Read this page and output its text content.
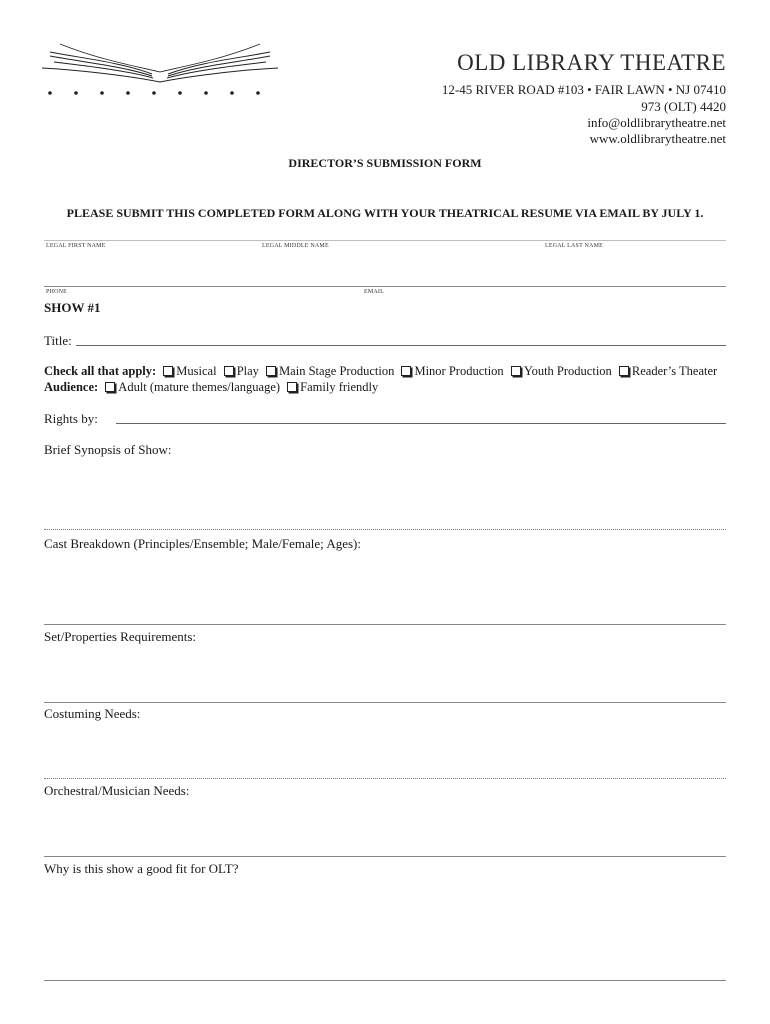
OLD LIBRARY THEATRE
12-45 RIVER ROAD #103 • FAIR LAWN • NJ 07410
973 (OLT) 4420
info@oldlibrarytheatre.net
www.oldlibrarytheatre.net
DIRECTOR’S SUBMISSION FORM
PLEASE SUBMIT THIS COMPLETED FORM ALONG WITH YOUR THEATRICAL RESUME VIA EMAIL BY JULY 1.
LEGAL FIRST NAME	LEGAL MIDDLE NAME	LEGAL LAST NAME
PHONE	EMAIL
SHOW #1
Title:
Check all that apply: Musical Play Main Stage Production Minor Production Youth Production Reader’s Theater
Audience: Adult (mature themes/language) Family friendly
Rights by:
Brief Synopsis of Show:
Cast Breakdown (Principles/Ensemble; Male/Female; Ages):
Set/Properties Requirements:
Costuming Needs:
Orchestral/Musician Needs:
Why is this show a good fit for OLT?
